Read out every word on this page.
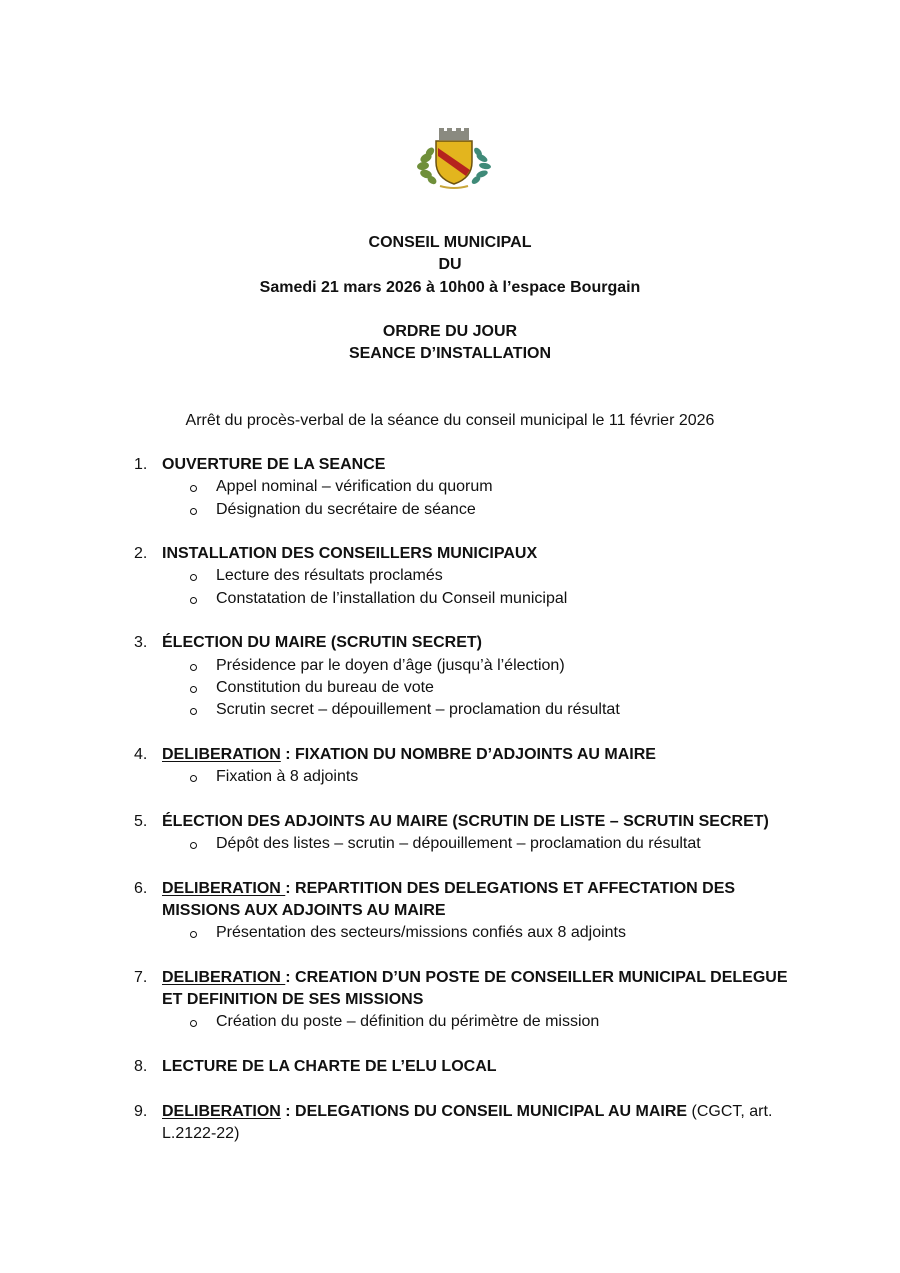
CONSEIL MUNICIPAL
DU
Samedi 21 mars 2026 à 10h00 à l’espace Bourgain
ORDRE DU JOUR
SEANCE D’INSTALLATION
Arrêt du procès-verbal de la séance du conseil municipal le 11 février 2026
1. OUVERTURE DE LA SEANCE
Appel nominal – vérification du quorum
Désignation du secrétaire de séance
2. INSTALLATION DES CONSEILLERS MUNICIPAUX
Lecture des résultats proclamés
Constatation de l’installation du Conseil municipal
3. ÉLECTION DU MAIRE (SCRUTIN SECRET)
Présidence par le doyen d’âge (jusqu’à l’élection)
Constitution du bureau de vote
Scrutin secret – dépouillement – proclamation du résultat
4. DELIBERATION : FIXATION DU NOMBRE D’ADJOINTS AU MAIRE
Fixation à 8 adjoints
5. ÉLECTION DES ADJOINTS AU MAIRE (SCRUTIN DE LISTE – SCRUTIN SECRET)
Dépôt des listes – scrutin – dépouillement – proclamation du résultat
6. DELIBERATION : REPARTITION DES DELEGATIONS ET AFFECTATION DES MISSIONS AUX ADJOINTS AU MAIRE
Présentation des secteurs/missions confiés aux 8 adjoints
7. DELIBERATION : CREATION D’UN POSTE DE CONSEILLER MUNICIPAL DELEGUE ET DEFINITION DE SES MISSIONS
Création du poste – définition du périmètre de mission
8. LECTURE DE LA CHARTE DE L’ELU LOCAL
9. DELIBERATION : DELEGATIONS DU CONSEIL MUNICIPAL AU MAIRE (CGCT, art. L.2122-22)
